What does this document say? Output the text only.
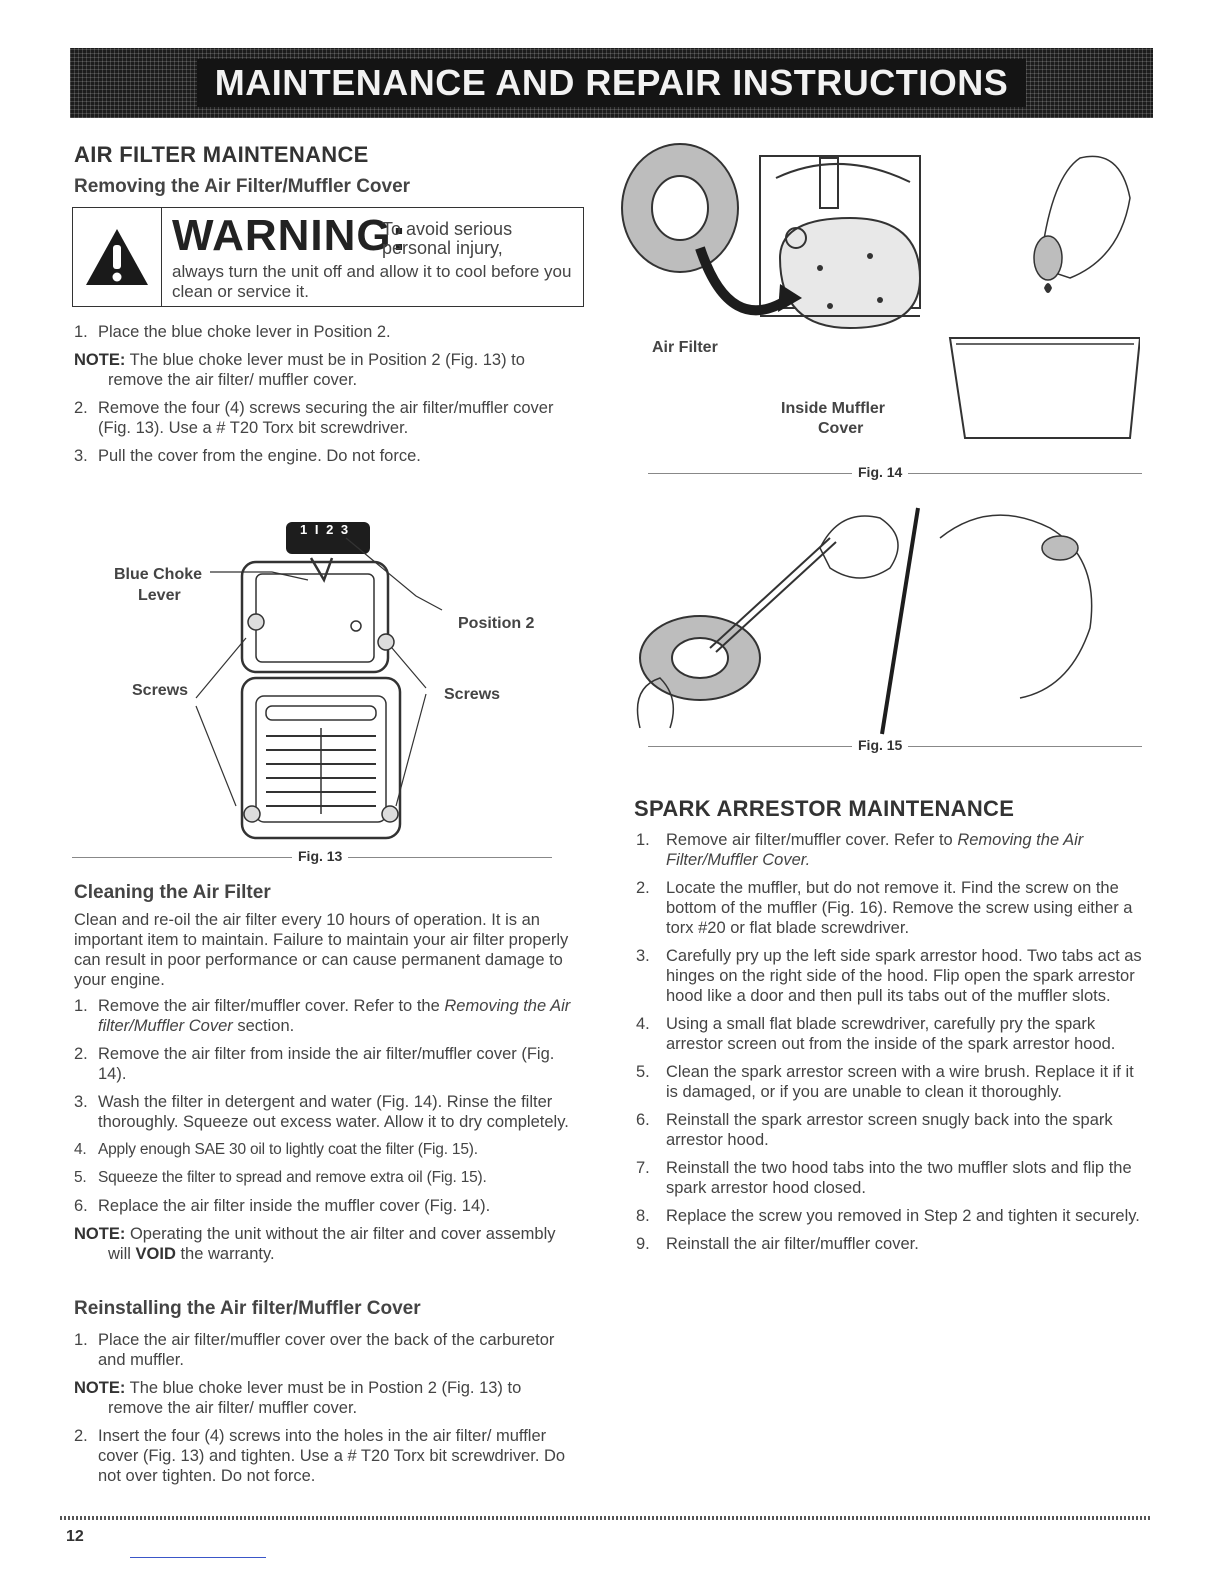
MAINTENANCE AND REPAIR INSTRUCTIONS
AIR FILTER MAINTENANCE
Removing the Air Filter/Muffler Cover
WARNING:
To avoid serious personal injury,
always turn the unit off and allow it to cool before you clean or service it.
1. Place the blue choke lever in Position 2.
NOTE: The blue choke lever must be in Position 2 (Fig. 13) to remove the air filter/ muffler cover.
2. Remove the four (4) screws securing the air filter/muffler cover (Fig. 13). Use a # T20 Torx bit screwdriver.
3. Pull the cover from the engine. Do not force.
1 I 2 3
Blue Choke
Lever
Position 2
Screws	Screws
Fig. 13
Cleaning the Air Filter
Clean and re-oil the air filter every 10 hours of operation. It is an important item to maintain. Failure to maintain your air filter properly can result in poor performance or can cause permanent damage to your engine.
1. Remove the air filter/muffler cover. Refer to the Removing the Air filter/Muffler Cover section.
2. Remove the air filter from inside the air filter/muffler cover (Fig. 14).
3. Wash the filter in detergent and water (Fig. 14). Rinse the filter thoroughly. Squeeze out excess water. Allow it to dry completely.
4. Apply enough SAE 30 oil to lightly coat the filter (Fig. 15).
5. Squeeze the filter to spread and remove extra oil (Fig. 15).
6. Replace the air filter inside the muffler cover (Fig. 14).
NOTE: Operating the unit without the air filter and cover assembly will VOID the warranty.
Reinstalling the Air filter/Muffler Cover
1. Place the air filter/muffler cover over the back of the carburetor and muffler.
NOTE: The blue choke lever must be in Postion 2 (Fig. 13) to remove the air filter/ muffler cover.
2. Insert the four (4) screws into the holes in the air filter/ muffler cover (Fig. 13) and tighten. Use a # T20 Torx bit screwdriver. Do not over tighten. Do not force.
Air Filter
Inside Muffler
Cover
Fig. 14
Fig. 15
SPARK ARRESTOR MAINTENANCE
1. Remove air filter/muffler cover. Refer to Removing the Air Filter/Muffler Cover.
2. Locate the muffler, but do not remove it. Find the screw on the bottom of the muffler (Fig. 16). Remove the screw using either a torx #20 or flat blade screwdriver.
3. Carefully pry up the left side spark arrestor hood. Two tabs act as hinges on the right side of the hood. Flip open the spark arrestor hood like a door and then pull its tabs out of the muffler slots.
4. Using a small flat blade screwdriver, carefully pry the spark arrestor screen out from the inside of the spark arrestor hood.
5. Clean the spark arrestor screen with a wire brush. Replace it if it is damaged, or if you are unable to clean it thoroughly.
6. Reinstall the spark arrestor screen snugly back into the spark arrestor hood.
7. Reinstall the two hood tabs into the two muffler slots and flip the spark arrestor hood closed.
8. Replace the screw you removed in Step 2 and tighten it securely.
9. Reinstall the air filter/muffler cover.
12
